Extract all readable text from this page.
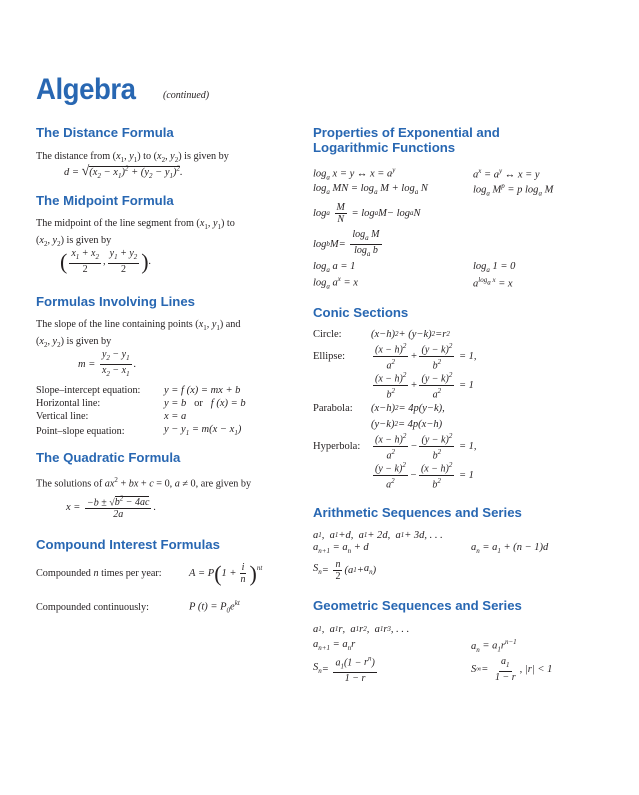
Algebra	(continued)

The Distance Formula

The distance from ($x_1$, $y_1$) to ($x_2$, $y_2$) is given by

$d = √(x_2 - x_1)^2 + (y_2 - y_1)^2$.

The Midpoint Formula

The midpoint of the line segment from ($x_1$, $y_1$) to

($x_2$, $y_2$) is given by

( $\frac{x_1 + x_2}{2}$ , $\frac{y_1 + y_2}{2}$ ) .

Formulas Involving Lines

The slope of the line containing points ($x_1$, $y_1$) and

($x_2$, $y_2$) is given by

$m = \frac{y_2 - y_1}{x_2 - x_1}$ .
Slope–intercept equation:	y = f (x) = mx + b
Horizontal line:	y = b or f (x) = b
Vertical line:	x = a
Point–slope equation:	$y - y_1 = m(x - x_1)$

The Quadratic Formula

The solutions of $ax^2$ + bx + c = 0, a ≠ 0, are given by

$x = \frac{-b \pm √b^2 - 4ac}{2a}$ .

Compound Interest Formulas

Compounded n times per year:	A = P ( $1 + \frac{i}{n}$ ) $^{nt}$
Compounded continuously:	P $(t) = P_0e^{kt}$

Properties of Exponential and

Logarithmic Functions

$\log_a x = y$ ↔ $x = a^y$	$a^x = a^y$ ↔ x = y
$\log_a$ MN = $\log_a M + \log_a N$	$\log_a M^p = p$ $\log_a M$
log a
$\frac{M}{N} = \log a$ M − log a N
log b $M = \frac{\log_a M}{\log_a b}$
$\log_a a = 1$	$\log_a 1 = 0$
$\log_a a^x = x$	$a^{log_a x} = x$

Conic Sections

Circle:	( x − h ) 2 + ( y − k ) 2 = r 2
Ellipse:	$\frac{(x - h)^2}{a^2} + \frac{(y - k)^2}{b^2} = 1$,
$\frac{(x - h)^2}{b^2} + \frac{(y - k)^2}{a^2} = 1$
Parabola:	( x − h ) 2 = 4 p ( y − k ),
( y − k ) 2 = 4 p ( x − h )
Hyperbola:	$\frac{(x - h)^2}{a^2} - \frac{(y - k)^2}{b^2} = 1$,
$\frac{(y - k)^2}{a^2} - \frac{(x - h)^2}{b^2} = 1$

Arithmetic Sequences and Series

a 1 , a 1 + d , a 1 + 2 d , a 1 + 3 d , . . .
$a_{n+1} = a_n + d$	$a_n = a_1 + (n - 1)d$
$S_n = \frac{n}{2}$ ( a $1 + a_n$ )

Geometric Sequences and Series

a 1 , a 1 r , a 1 r 2 , a 1 r 3 , . . .
$a_{n+1} = a_nr$	$a_n = a_1r^{n-1}$
$S_n = \frac{a_1(1 - r^n)}{1 - r}$	S ∞ = $\frac{a_1}{1 - r}$ , | r | < 1
